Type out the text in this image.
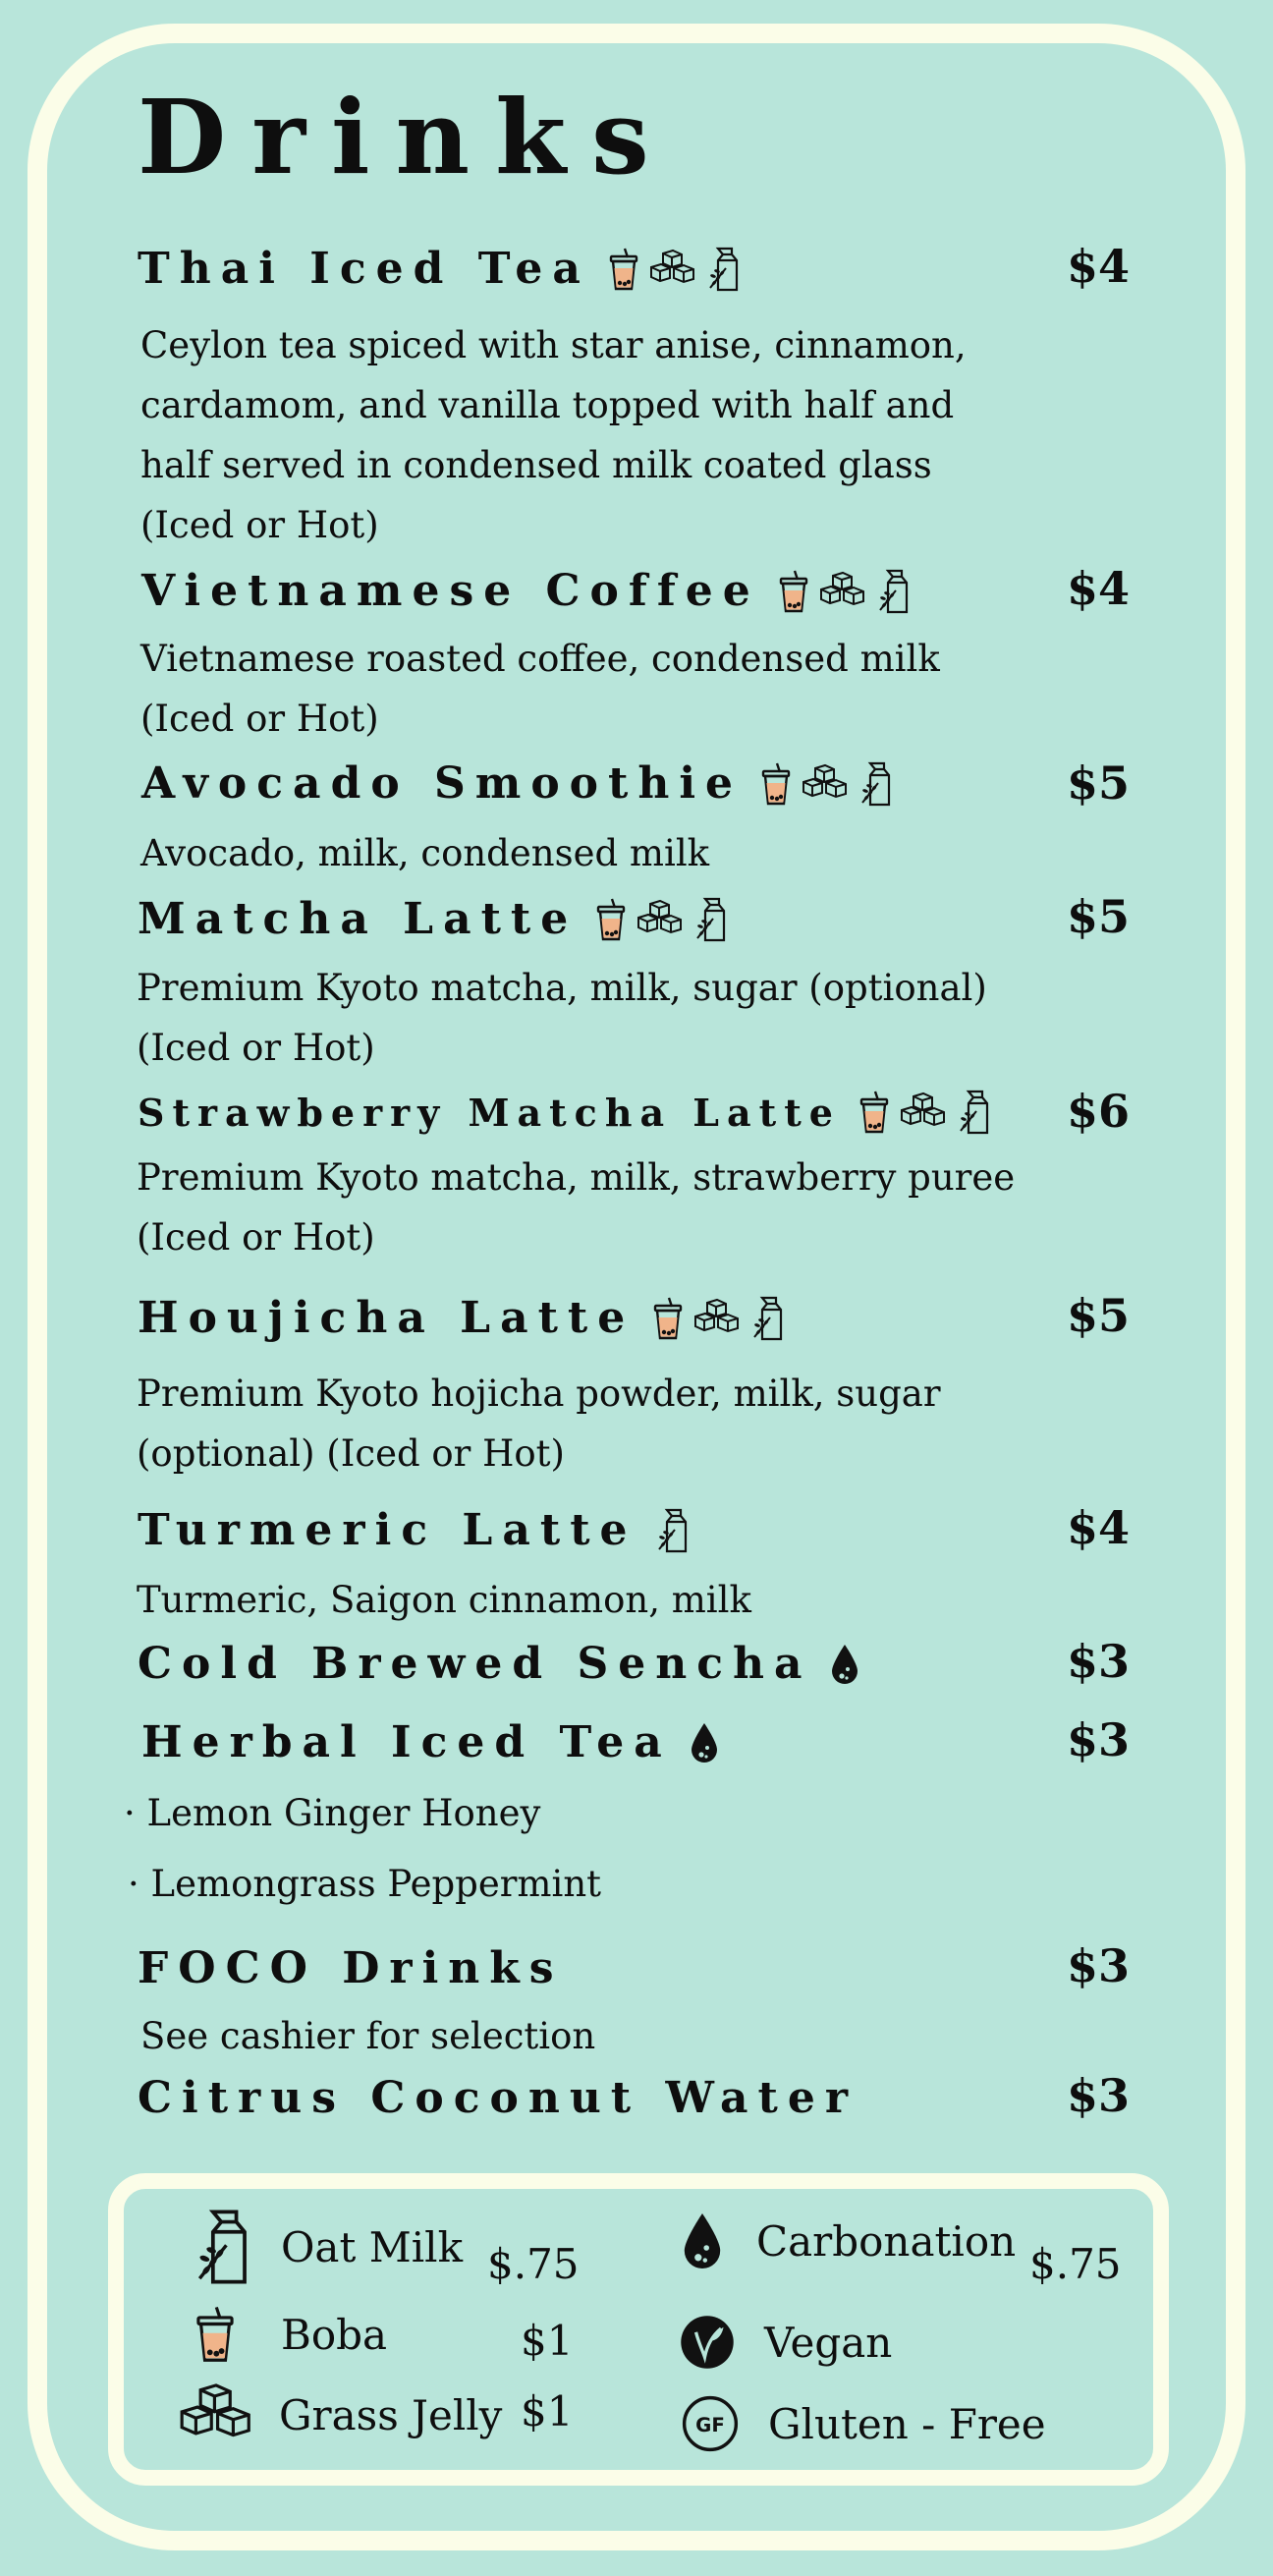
Drinks
Thai Iced Tea	$4
Ceylon tea spiced with star anise, cinnamon,
cardamom, and vanilla topped with half and
half served in condensed milk coated glass
(Iced or Hot)
Vietnamese Coffee	$4
Vietnamese roasted coffee, condensed milk
(Iced or Hot)
Avocado Smoothie	$5
Avocado, milk, condensed milk
Matcha Latte	$5
Premium Kyoto matcha, milk, sugar (optional)
(Iced or Hot)
Strawberry Matcha Latte	$6
Premium Kyoto matcha, milk, strawberry puree
(Iced or Hot)
Houjicha Latte	$5
Premium Kyoto hojicha powder, milk, sugar
(optional) (Iced or Hot)
Turmeric Latte	$4
Turmeric, Saigon cinnamon, milk
Cold Brewed Sencha	$3
Herbal Iced Tea	$3
· Lemon Ginger Honey
· Lemongrass Peppermint
FOCO Drinks	$3
See cashier for selection
Citrus Coconut Water	$3
Oat Milk $.75
Boba	$1
Grass Jelly $1
Carbonation $.75
Vegan
Gluten - Free
